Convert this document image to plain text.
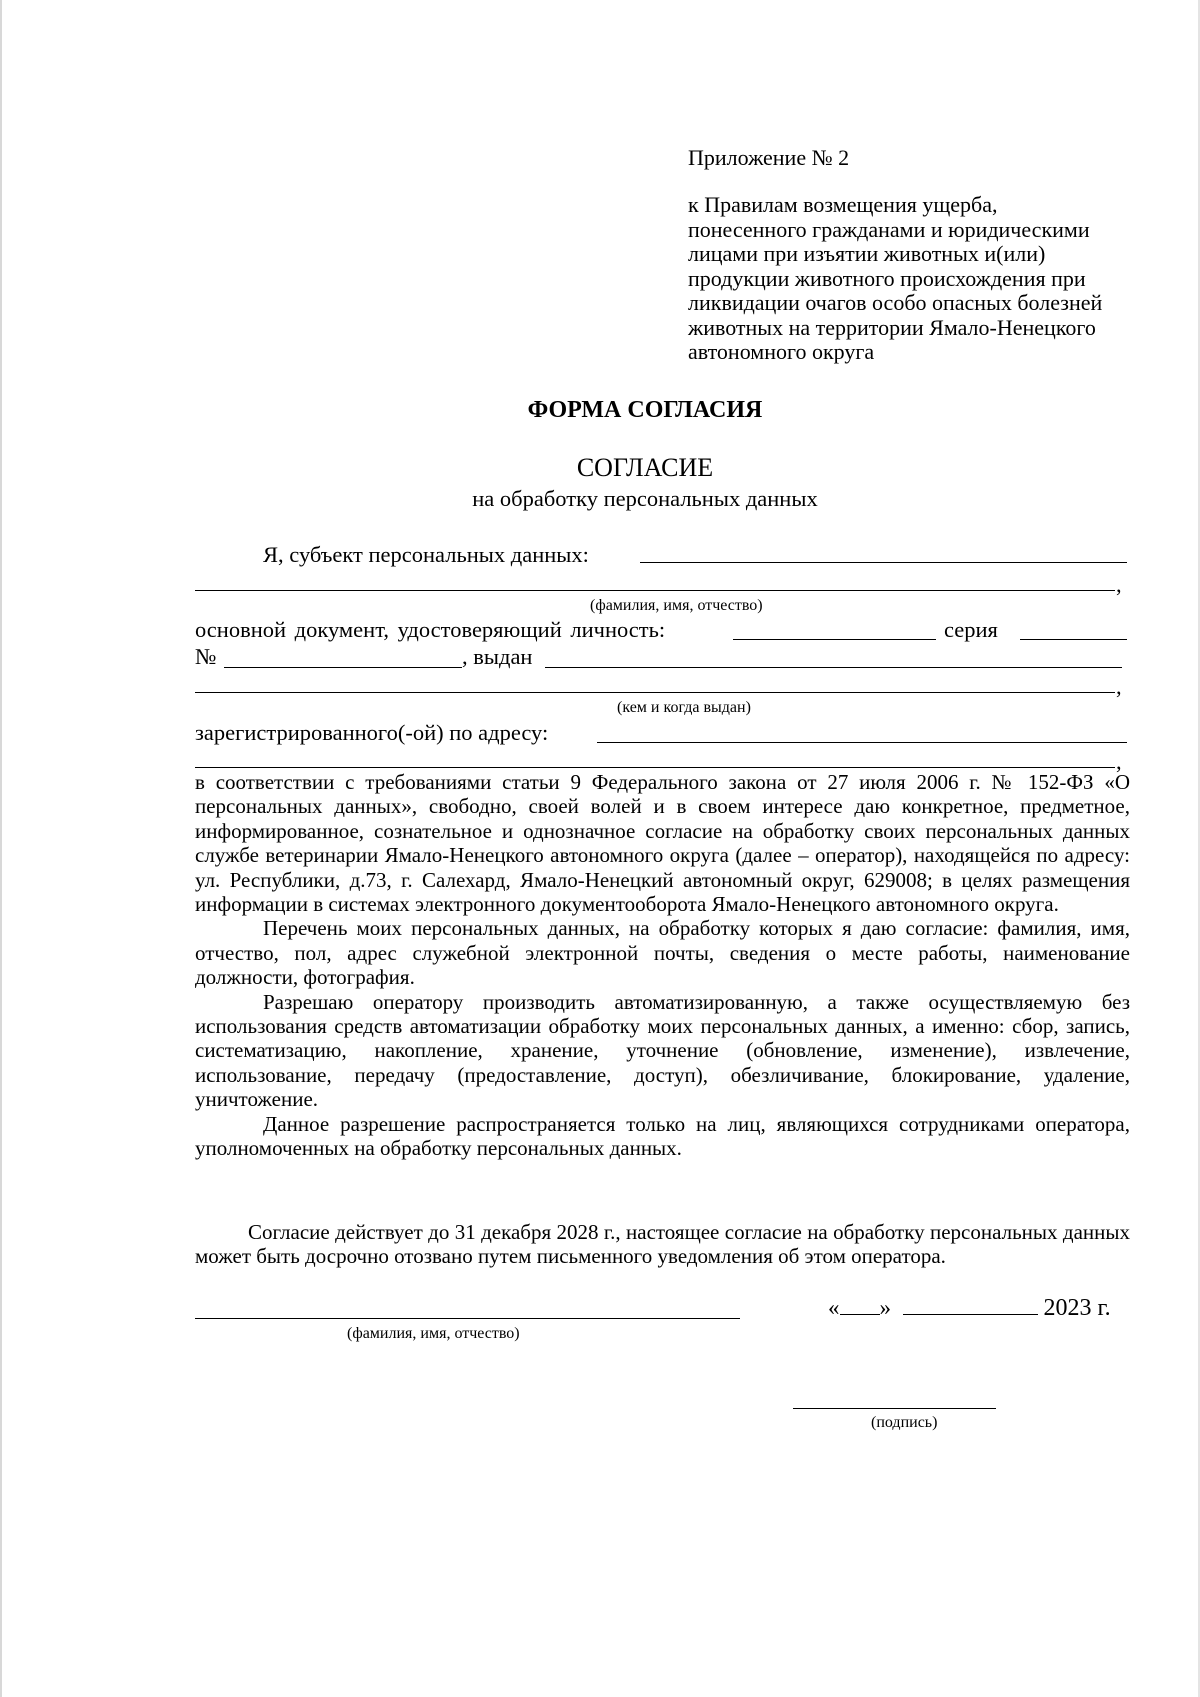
Приложение № 2
к Правилам возмещения ущерба,
понесенного гражданами и юридическими
лицами при изъятии животных и(или)
продукции животного происхождения при
ликвидации очагов особо опасных болезней
животных на территории Ямало-Ненецкого
автономного округа
ФОРМА СОГЛАСИЯ
СОГЛАСИЕ
на обработку персональных данных
Я, субъект персональных данных:
,
(фамилия, имя, отчество)
основной документ, удостоверяющий личность:	серия
№	, выдан
,
(кем и когда выдан)
зарегистрированного(-ой) по адресу:
,

в соответствии с требованиями статьи 9 Федерального закона от 27 июля 2006 г. № 152-ФЗ «О персональных данных», свободно, своей волей и в своем интересе даю конкретное, предметное, информированное, сознательное и однозначное согласие на обработку своих персональных данных службе ветеринарии Ямало-Ненецкого автономного округа (далее – оператор), находящейся по адресу: ул. Республики, д.73, г. Салехард, Ямало-Ненецкий автономный округ, 629008; в целях размещения информации в системах электронного документооборота Ямало-Ненецкого автономного округа.

Перечень моих персональных данных, на обработку которых я даю согласие: фамилия, имя, отчество, пол, адрес служебной электронной почты, сведения о месте работы, наименование должности, фотография.

Разрешаю оператору производить автоматизированную, а также осуществляемую без использования средств автоматизации обработку моих персональных данных, а именно: сбор, запись, систематизацию, накопление, хранение, уточнение (обновление, изменение), извлечение, использование, передачу (предоставление, доступ), обезличивание, блокирование, удаление, уничтожение.

Данное разрешение распространяется только на лиц, являющихся сотрудниками оператора, уполномоченных на обработку персональных данных.

Согласие действует до 31 декабря 2028 г., настоящее согласие на обработку персональных данных может быть досрочно отозвано путем письменного уведомления об этом оператора.
(фамилия, имя, отчество)
« »	2023 г.
(подпись)
